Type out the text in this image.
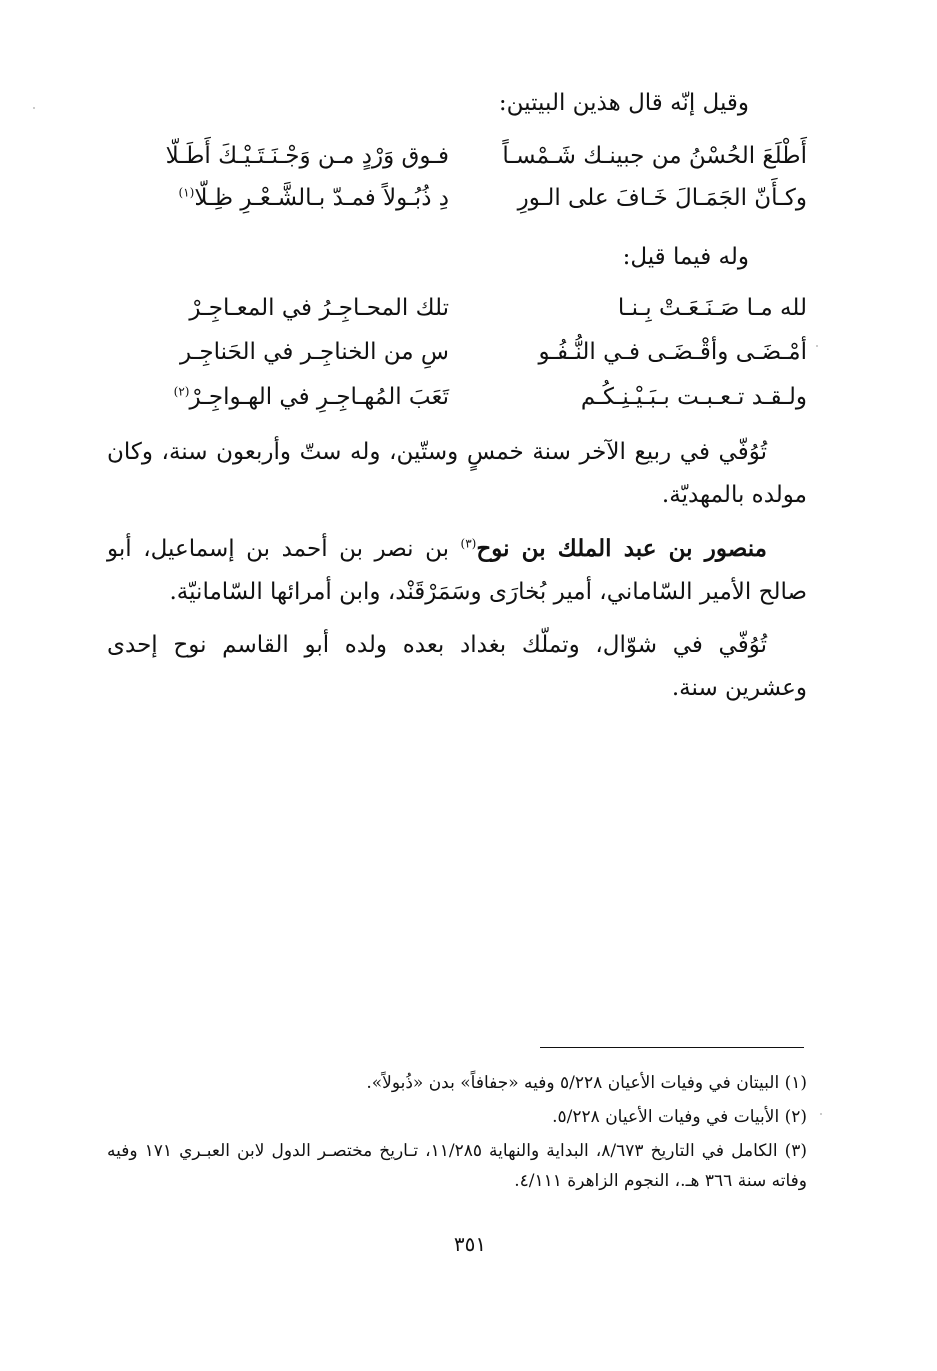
وقيل إنّه قال هذين البيتين:
أَطْلَعَ الحُسْنُ من جبينـك شَـمْسـاً
فـوق وَرْدٍ مـن وَجْـنَـتَـيْـكَ أَطَـلّا
وكـأَنّ الجَمَـالَ خَـافَ على الـورِ
دِ ذُبُـولاً فمـدّ بـالشَّـعْـرِ ظِـلّا$^{(١)}$
وله فيما قيل:
لله مـا صَـنَـعَـتْ بِـنـا
تلك المحـاجِـرُ في المعـاجِـرْ
أمْـضَـى وأقْـضَـى فـي النُّـفُـو
سِ من الخناجِـر في الحَناجِـر
ولـقـد تـعـبـت بـبَـيْـنِـكُـم
تَعَبَ المُهـاجِـرِ في الهـواجِـرْ$^{(٢)}$
تُوُفّي في ربيع الآخر سنة خمسٍ وستّين، وله ستّ وأربعون سنة، وكان مولده بالمهديّة.
منصور بن عبد الملك بن نوح$^{(٣)}$ بن نصر بن أحمد بن إسماعيل، أبو صالح الأمير السّاماني، أمير بُخارَى وسَمَرْقَنْد، وابن أمرائها السّامانيّة.
تُوُفّي في شوّال، وتملّك بغداد بعده ولده أبو القاسم نوح إحدى وعشرين سنة.
(١) البيتان في وفيات الأعيان ٥/٢٢٨ وفيه «جفافاً» بدن «ذُبولاً».
(٢) الأبيات في وفيات الأعيان ٥/٢٢٨.
(٣) الكامل في التاريخ ٨/٦٧٣، البداية والنهاية ١١/٢٨٥، تـاريخ مختصـر الدول لابن العبـري ١٧١ وفيه وفاته سنة ٣٦٦ هـ.، النجوم الزاهرة ٤/١١١.
٣٥١
